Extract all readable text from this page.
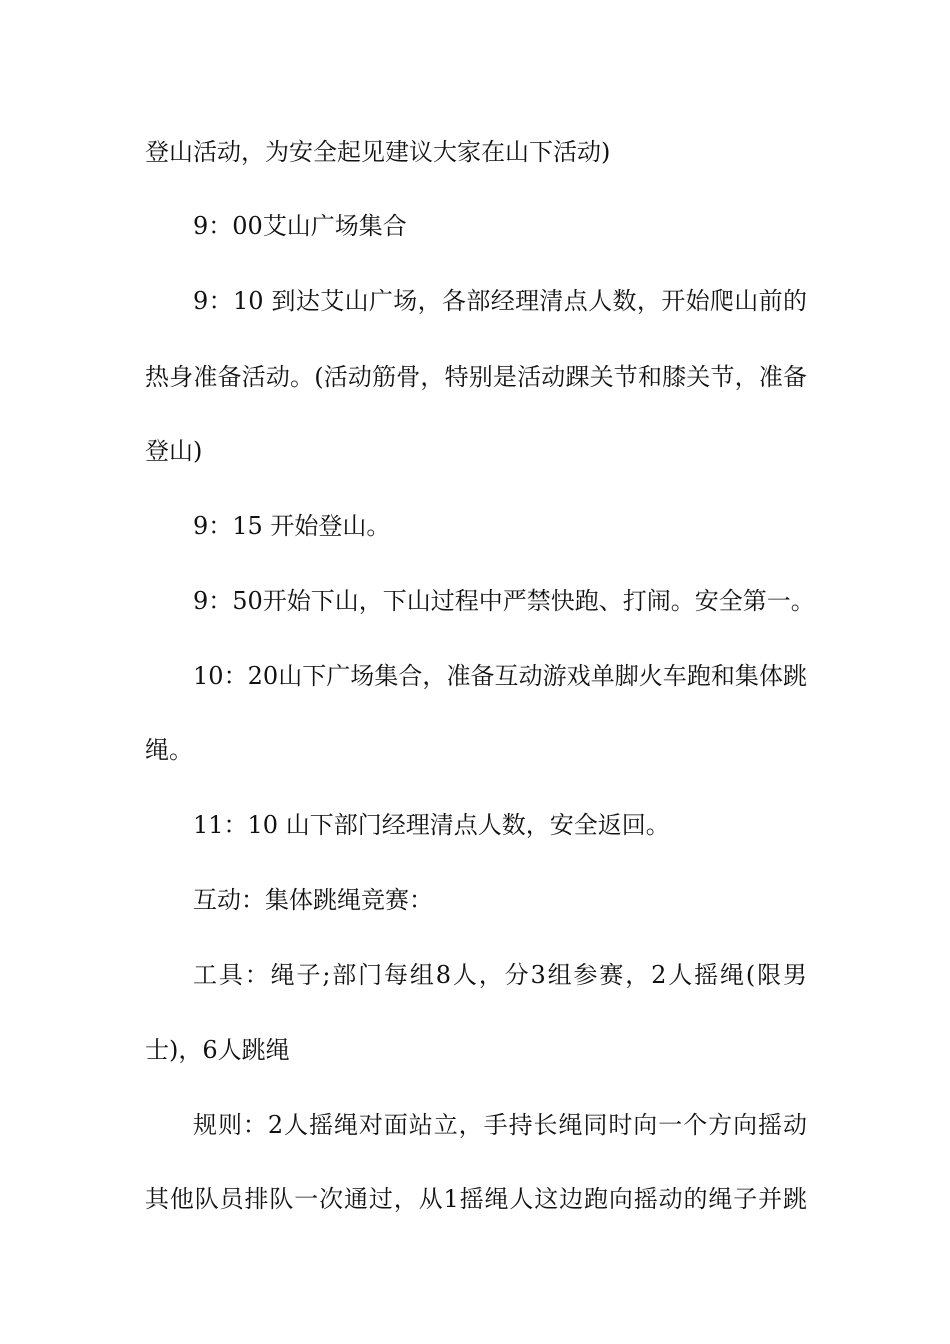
登山活动，为安全起见建议大家在山下活动)
9：00艾山广场集合
9：10 到达艾山广场，各部经理清点人数，开始爬山前的
热身准备活动。(活动筋骨，特别是活动踝关节和膝关节，准备
登山)
9：15 开始登山。
9：50开始下山，下山过程中严禁快跑、打闹。安全第一。
10：20山下广场集合，准备互动游戏单脚火车跑和集体跳
绳。
11：10 山下部门经理清点人数，安全返回。
互动：集体跳绳竞赛：
工具：绳子;部门每组8人，分3组参赛，2人摇绳(限男
士)，6人跳绳
规则：2人摇绳对面站立，手持长绳同时向一个方向摇动
其他队员排队一次通过，从1摇绳人这边跑向摇动的绳子并跳
